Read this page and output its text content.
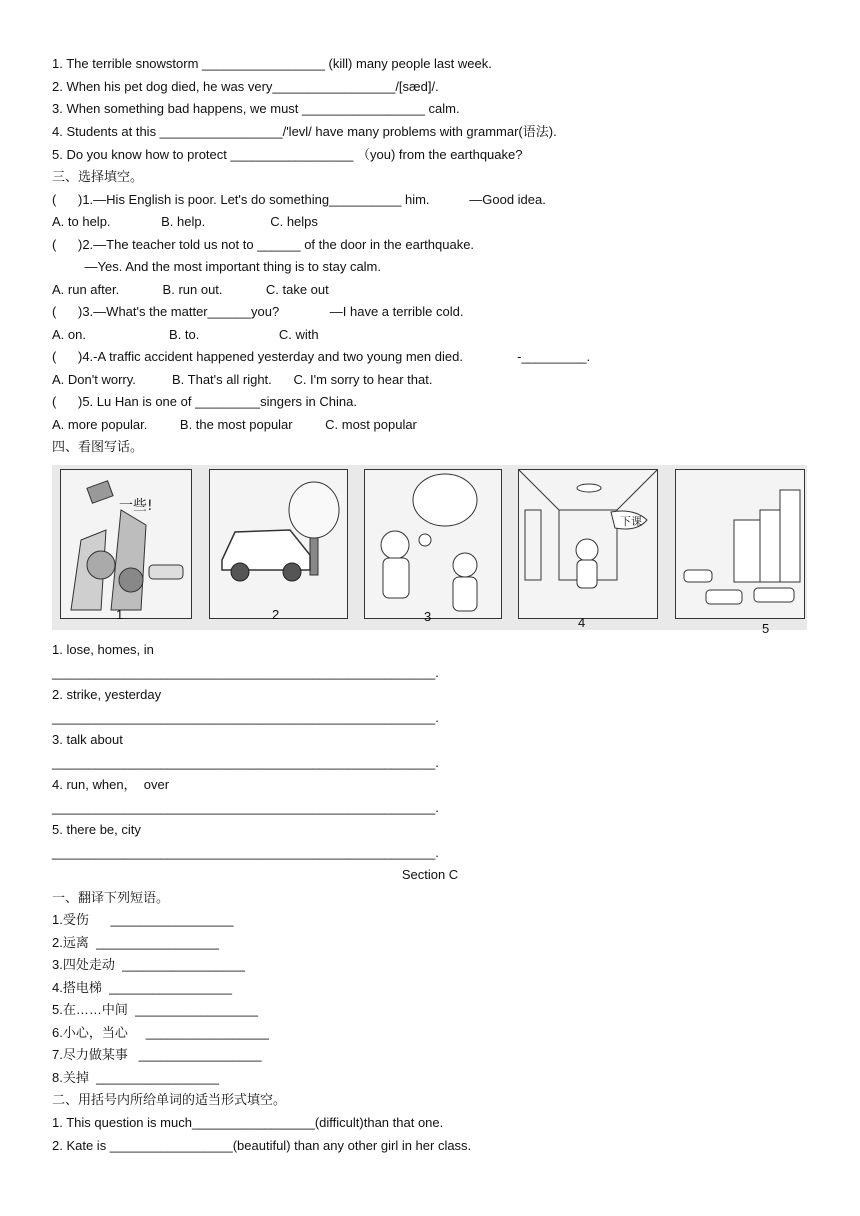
1. The terrible snowstorm _________________ (kill) many people last week.
2. When his pet dog died, he was very_________________/[sæd]/.
3. When something bad happens, we must _________________ calm.
4. Students at this _________________/'levl/ have many problems with grammar(语法).
5. Do you know how to protect _________________ （you) from the earthquake?
三、选择填空。
(      )1.—His English is poor. Let's do something__________ him.           —Good idea.
A. to help.              B. help.                  C. helps
(      )2.—The teacher told us not to ______ of the door in the earthquake.
—Yes. And the most important thing is to stay calm.
A. run after.            B. run out.            C. take out
(      )3.—What's the matter______you?              —I have a terrible cold.
A. on.                       B. to.                      C. with
(      )4.-A traffic accident happened yesterday and two young men died.               -_________.
A. Don't worry.          B. That's all right.      C. I'm sorry to hear that.
(      )5. Lu Han is one of _________singers in China.
A. more popular.         B. the most popular         C. most popular
四、看图写话。
一些!
下课
1	2	3	4	5
1. lose, homes, in
_____________________________________________________.
2. strike, yesterday
_____________________________________________________.
3. talk about
_____________________________________________________.
4. run, when，  over
_____________________________________________________.
5. there be, city
_____________________________________________________.
Section C
一、翻译下列短语。
1.受伤      _________________
2.远离  _________________
3.四处走动  _________________
4.搭电梯  _________________
5.在……中间  _________________
6.小心，当心     _________________
7.尽力做某事   _________________
8.关掉  _________________
二、用括号内所给单词的适当形式填空。
1. This question is much_________________(difficult)than that one.
2. Kate is _________________(beautiful) than any other girl in her class.
